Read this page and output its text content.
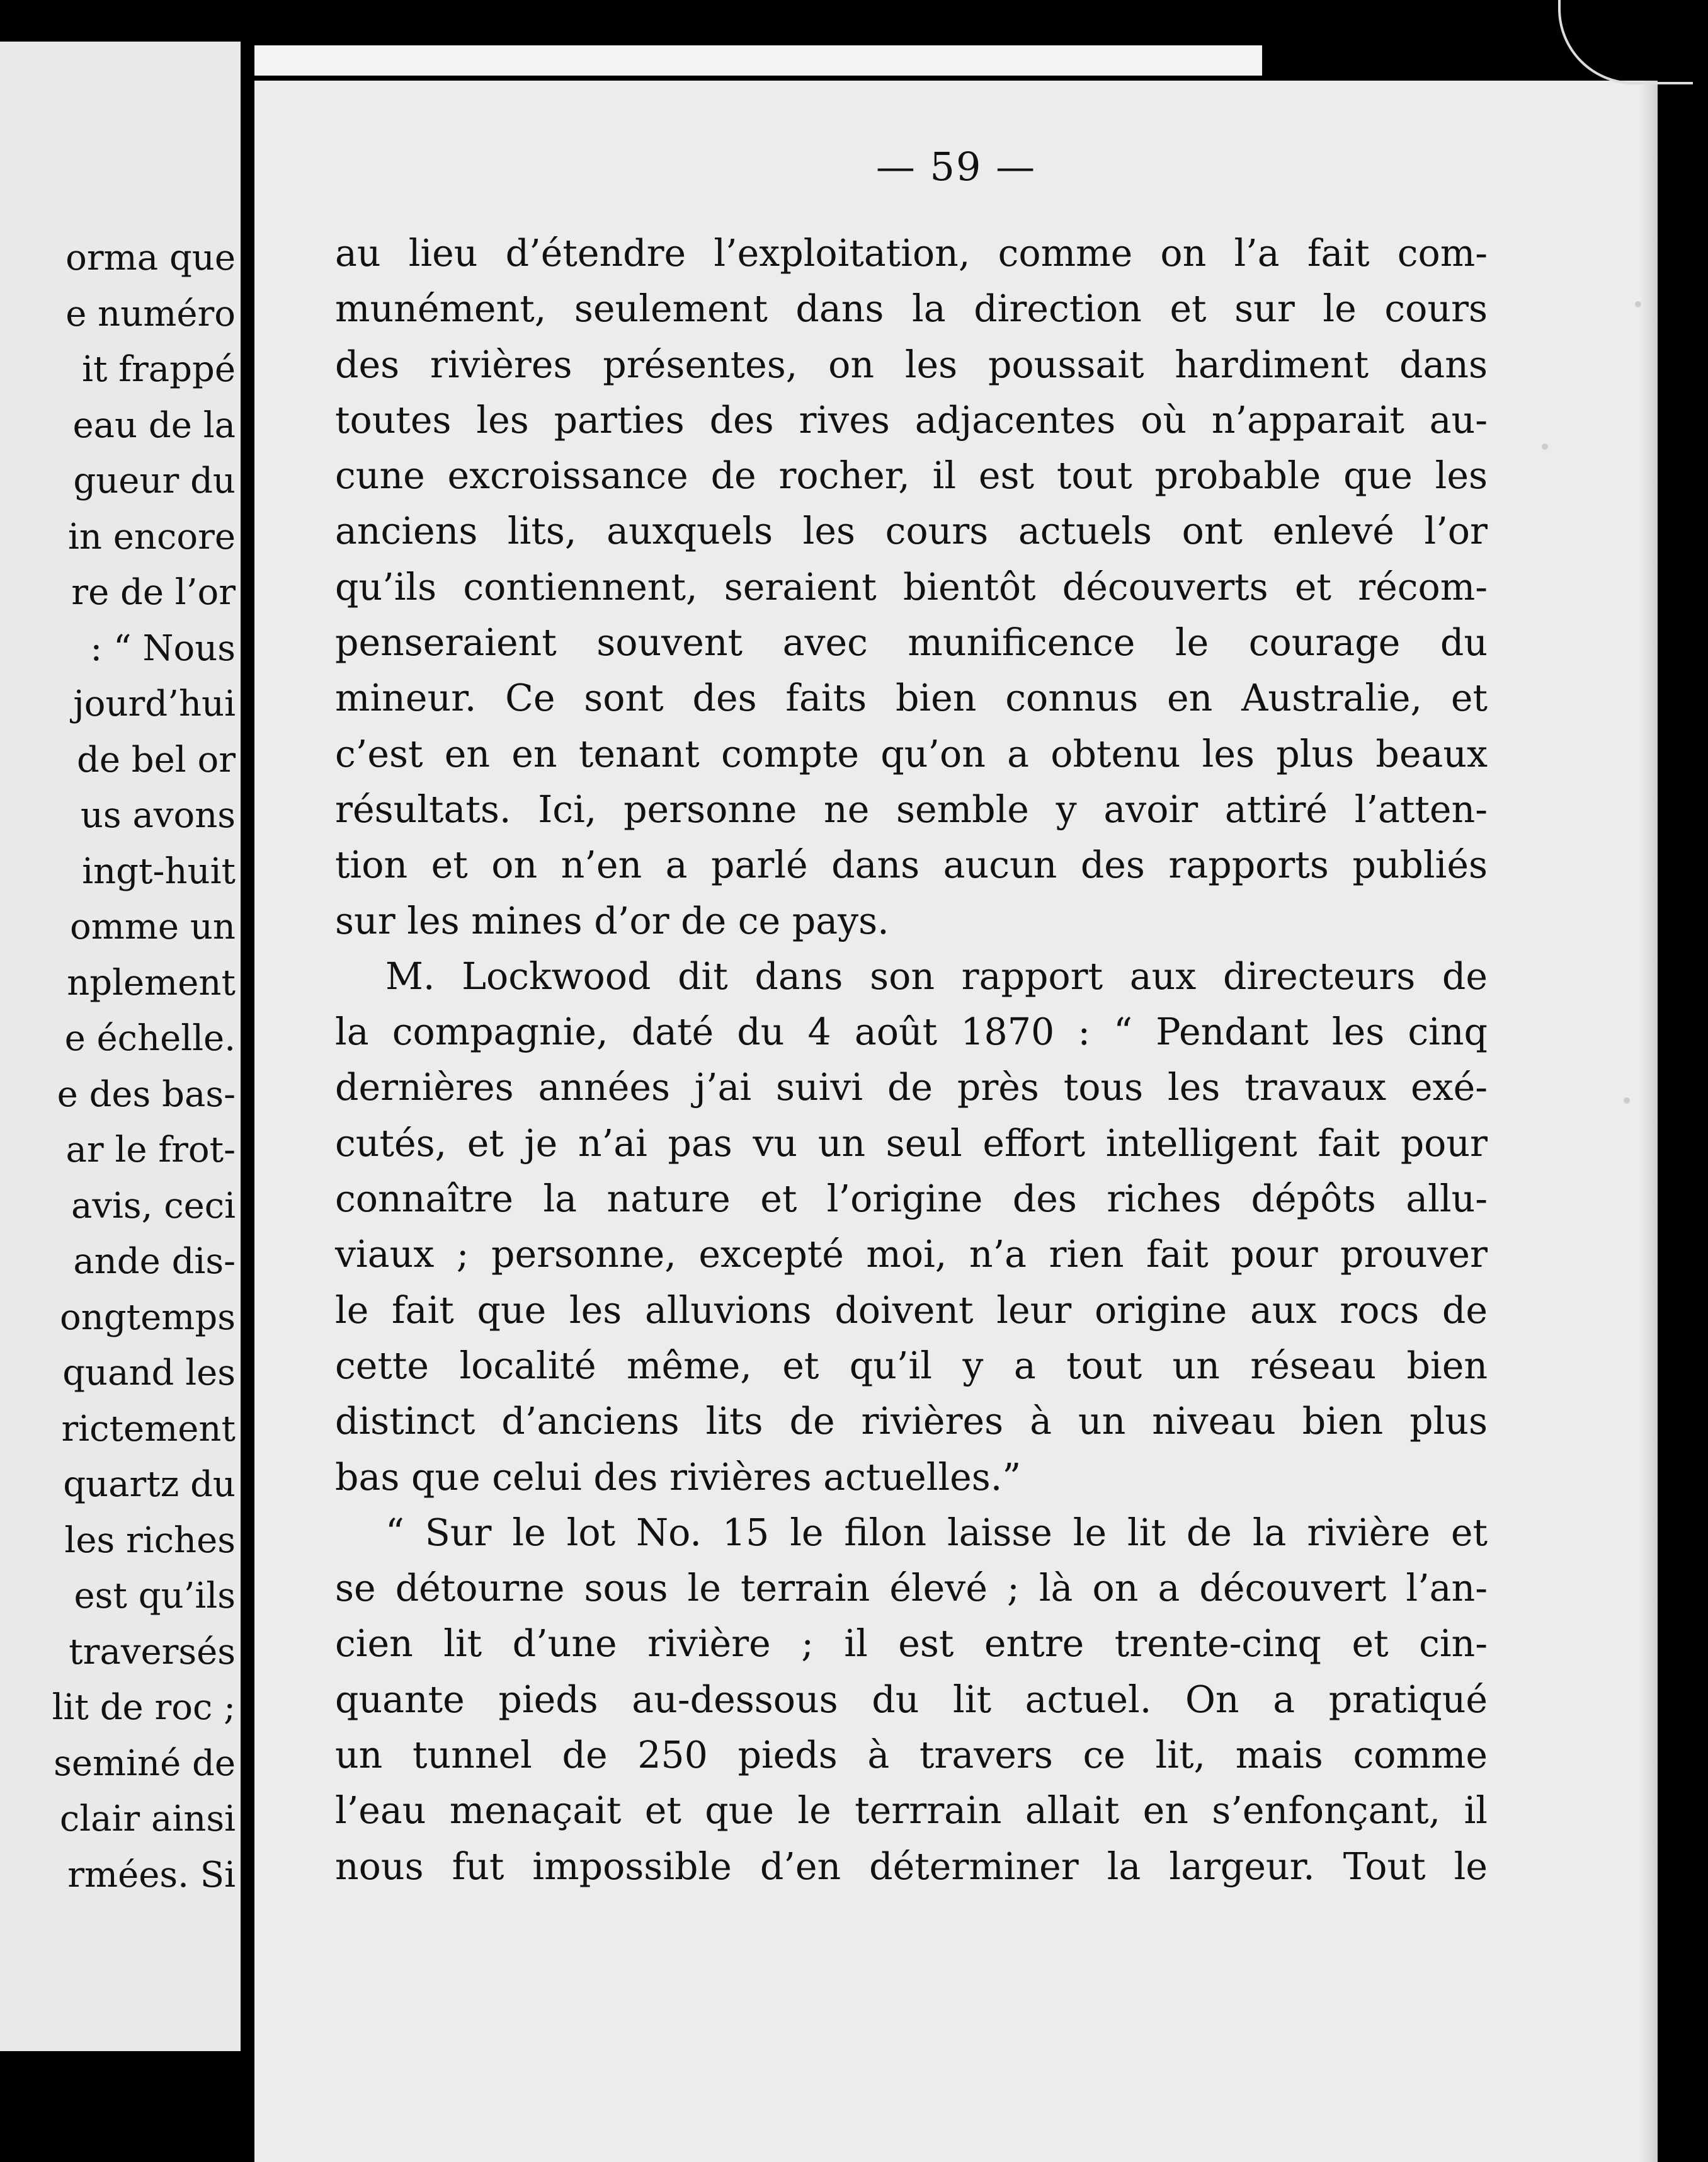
orma que
e numéro
it frappé
eau de la
gueur du
in encore
re de l’or
: “ Nous
jourd’hui
de bel or
us avons
ingt-huit
omme un
nplement
e échelle.
e des bas-
ar le frot-
avis, ceci
ande dis-
ongtemps
quand les
rictement
quartz du
les riches
est qu’ils
traversés
lit de roc ;
seminé de
clair ainsi
rmées. Si
— 59 —
au lieu d’étendre l’exploitation, comme on l’a fait com-
munément, seulement dans la direction et sur le cours
des rivières présentes, on les poussait hardiment dans
toutes les parties des rives adjacentes où n’apparait au-
cune excroissance de rocher, il est tout probable que les
anciens lits, auxquels les cours actuels ont enlevé l’or
qu’ils contiennent, seraient bientôt découverts et récom-
penseraient souvent avec munificence le courage du
mineur. Ce sont des faits bien connus en Australie, et
c’est en en tenant compte qu’on a obtenu les plus beaux
résultats. Ici, personne ne semble y avoir attiré l’atten-
tion et on n’en a parlé dans aucun des rapports publiés
sur les mines d’or de ce pays.
M. Lockwood dit dans son rapport aux directeurs de
la compagnie, daté du 4 août 1870 : “ Pendant les cinq
dernières années j’ai suivi de près tous les travaux exé-
cutés, et je n’ai pas vu un seul effort intelligent fait pour
connaître la nature et l’origine des riches dépôts allu-
viaux ; personne, excepté moi, n’a rien fait pour prouver
le fait que les alluvions doivent leur origine aux rocs de
cette localité même, et qu’il y a tout un réseau bien
distinct d’anciens lits de rivières à un niveau bien plus
bas que celui des rivières actuelles.”
“ Sur le lot No. 15 le filon laisse le lit de la rivière et
se détourne sous le terrain élevé ; là on a découvert l’an-
cien lit d’une rivière ; il est entre trente-cinq et cin-
quante pieds au-dessous du lit actuel. On a pratiqué
un tunnel de 250 pieds à travers ce lit, mais comme
l’eau menaçait et que le terrrain allait en s’enfonçant, il
nous fut impossible d’en déterminer la largeur. Tout le
